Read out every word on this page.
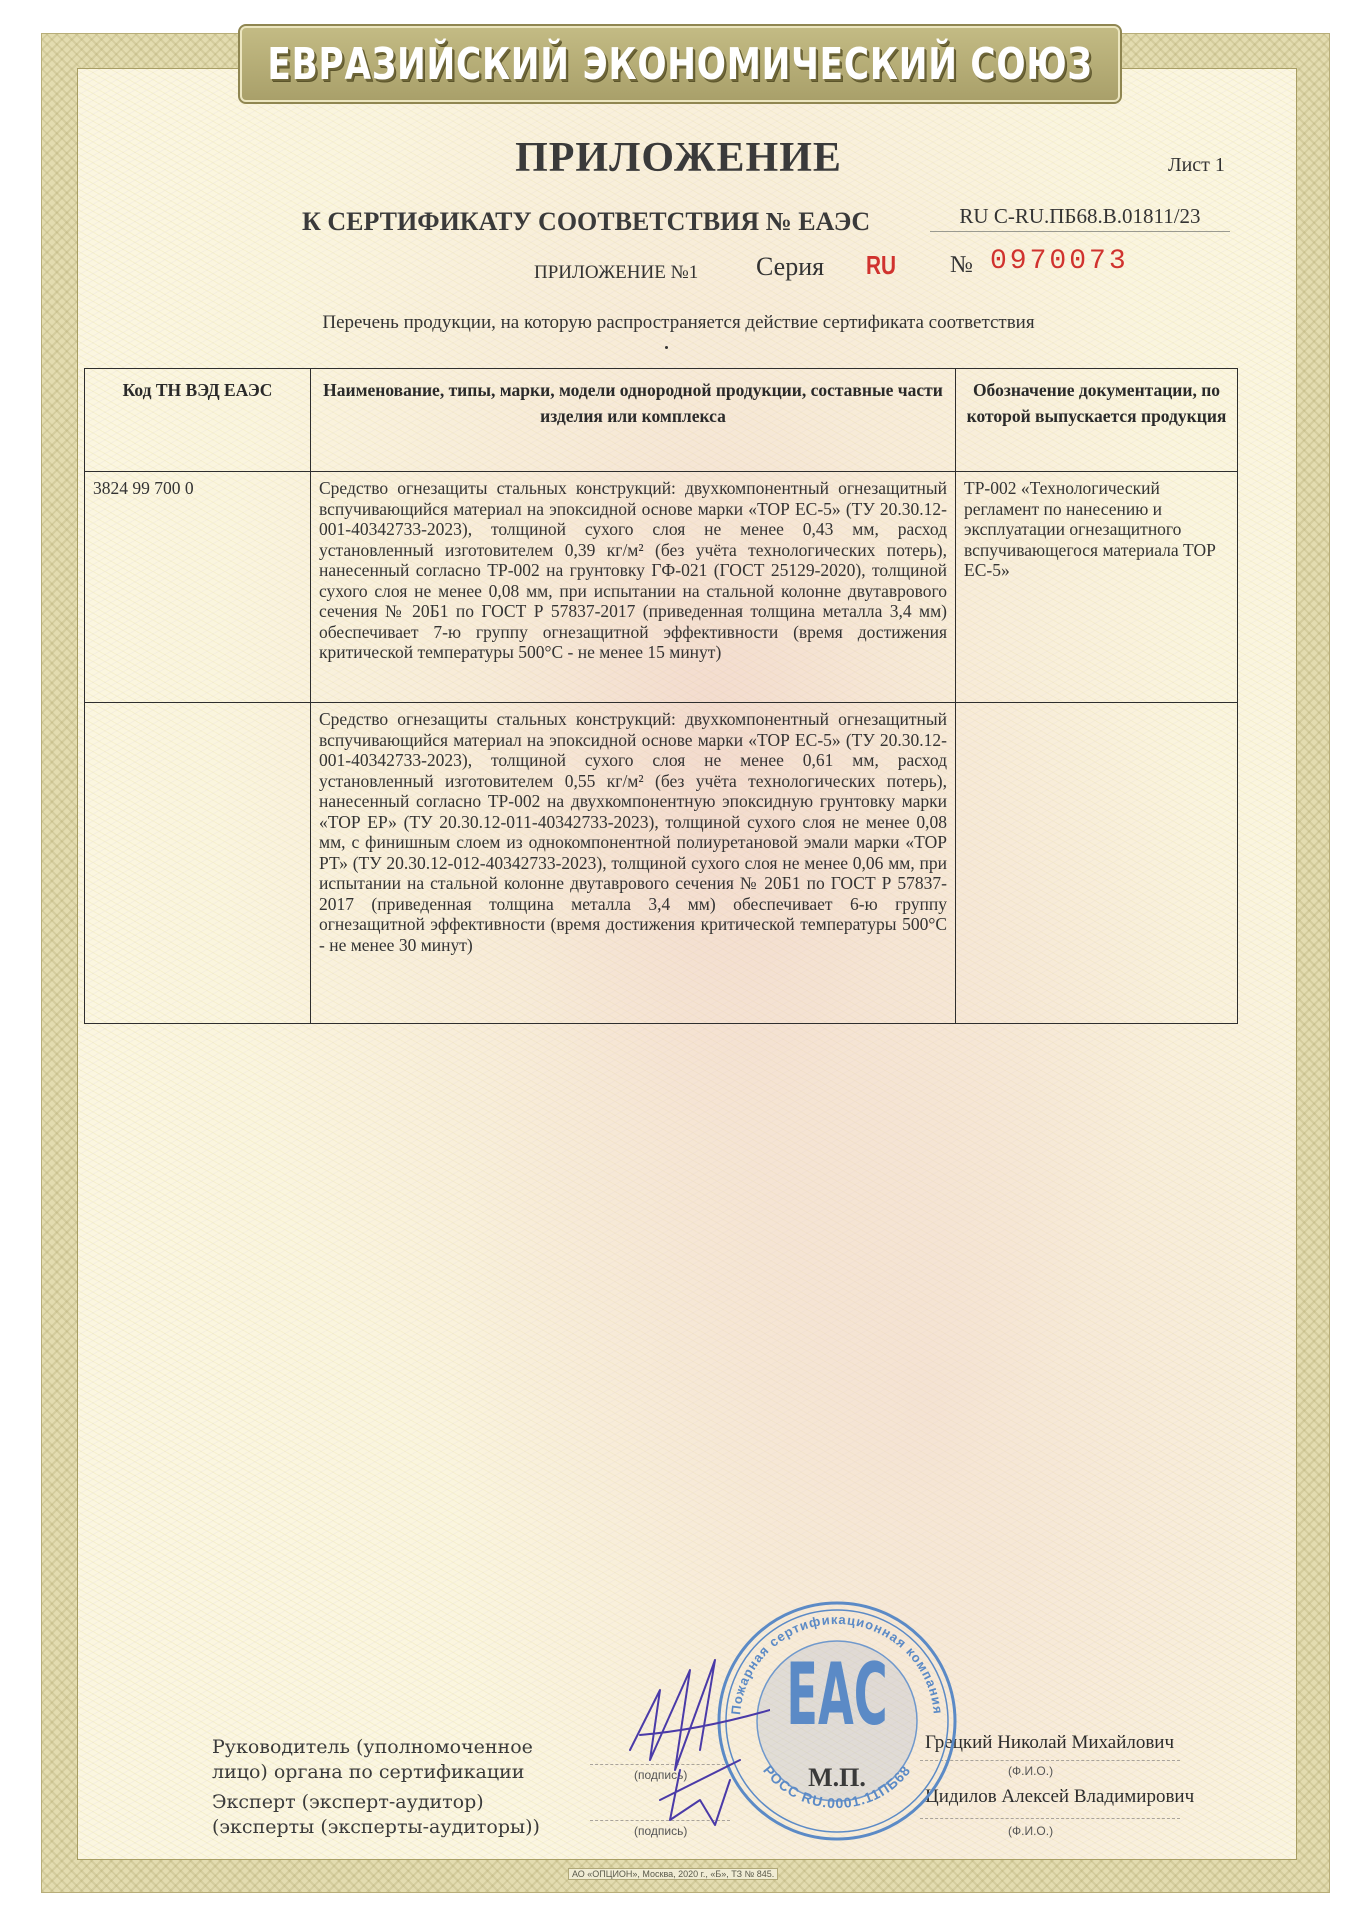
ЕВРАЗИЙСКИЙ ЭКОНОМИЧЕСКИЙ СОЮЗ
ПРИЛОЖЕНИЕ	Лист 1
К СЕРТИФИКАТУ СООТВЕТСТВИЯ № ЕАЭС	RU C-RU.ПБ68.В.01811/23
ПРИЛОЖЕНИЕ №1 Серия RU № 0970073
Перечень продукции, на которую распространяется действие сертификата соответствия
Код ТН ВЭД ЕАЭС	Наименование, типы, марки, модели однородной продукции, составные части изделия или комплекса	Обозначение документации, по которой выпускается продукция
3824 99 700 0	Средство огнезащиты стальных конструкций: двухкомпонентный огнезащитный вспучивающийся материал на эпоксидной основе марки «ТОР ЕС-5» (ТУ 20.30.12-001-40342733-2023), толщиной сухого слоя не менее 0,43 мм, расход установленный изготовителем 0,39 кг/м² (без учёта технологических потерь), нанесенный согласно ТР-002 на грунтовку ГФ-021 (ГОСТ 25129-2020), толщиной сухого слоя не менее 0,08 мм, при испытании на стальной колонне двутаврового сечения № 20Б1 по ГОСТ Р 57837-2017 (приведенная толщина металла 3,4 мм) обеспечивает 7-ю группу огнезащитной эффективности (время достижения критической температуры 500°С - не менее 15 минут)	ТР-002 «Технологический регламент по нанесению и эксплуатации огнезащитного вспучивающегося материала ТОР ЕС-5»
	Средство огнезащиты стальных конструкций: двухкомпонентный огнезащитный вспучивающийся материал на эпоксидной основе марки «ТОР ЕС-5» (ТУ 20.30.12-001-40342733-2023), толщиной сухого слоя не менее 0,61 мм, расход установленный изготовителем 0,55 кг/м² (без учёта технологических потерь), нанесенный согласно ТР-002 на двухкомпонентную эпоксидную грунтовку марки «ТОР ЕР» (ТУ 20.30.12-011-40342733-2023), толщиной сухого слоя не менее 0,08 мм, с финишным слоем из однокомпонентной полиуретановой эмали марки «ТОР РТ» (ТУ 20.30.12-012-40342733-2023), толщиной сухого слоя не менее 0,06 мм, при испытании на стальной колонне двутаврового сечения № 20Б1 по ГОСТ Р 57837-2017 (приведенная толщина металла 3,4 мм) обеспечивает 6-ю группу огнезащитной эффективности (время достижения критической температуры 500°С - не менее 30 минут)	
Руководитель (уполномоченное
лицо) органа по сертификации
Эксперт (эксперт-аудитор)
(эксперты (эксперты-аудиторы))
(подпись)
(подпись)
Грецкий Николай Михайлович
(Ф.И.О.)
Цидилов Алексей Владимирович
(Ф.И.О.)
Пожарная сертификационная компания
РОСС RU.0001.11ПБ68
ЕАС
М.П.
АО «ОПЦИОН», Москва, 2020 г., «Б», ТЗ № 845.
